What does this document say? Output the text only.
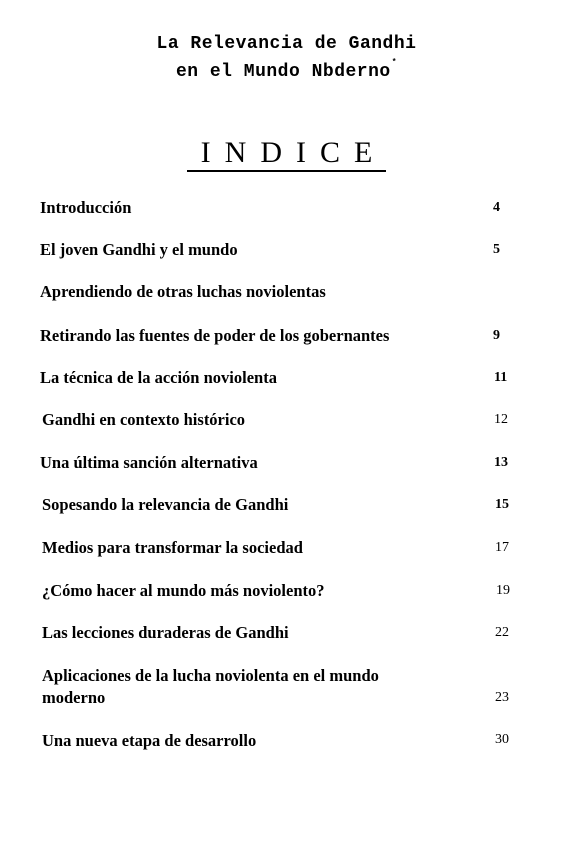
La Relevancia de Gandhi
en el Mundo Nbderno*
INDICE
Introducción	4
El joven Gandhi y el mundo	5
Aprendiendo de otras luchas noviolentas
Retirando las fuentes de poder de los gobernantes	9
La técnica de la acción noviolenta	11
Gandhi en contexto histórico	12
Una última sanción alternativa	13
Sopesando la relevancia de Gandhi	15
Medios para transformar la sociedad	17
¿Cómo hacer al mundo más noviolento?	19
Las lecciones duraderas de Gandhi	22
Aplicaciones de la lucha noviolenta en el mundo moderno	23
Una nueva etapa de desarrollo	30
